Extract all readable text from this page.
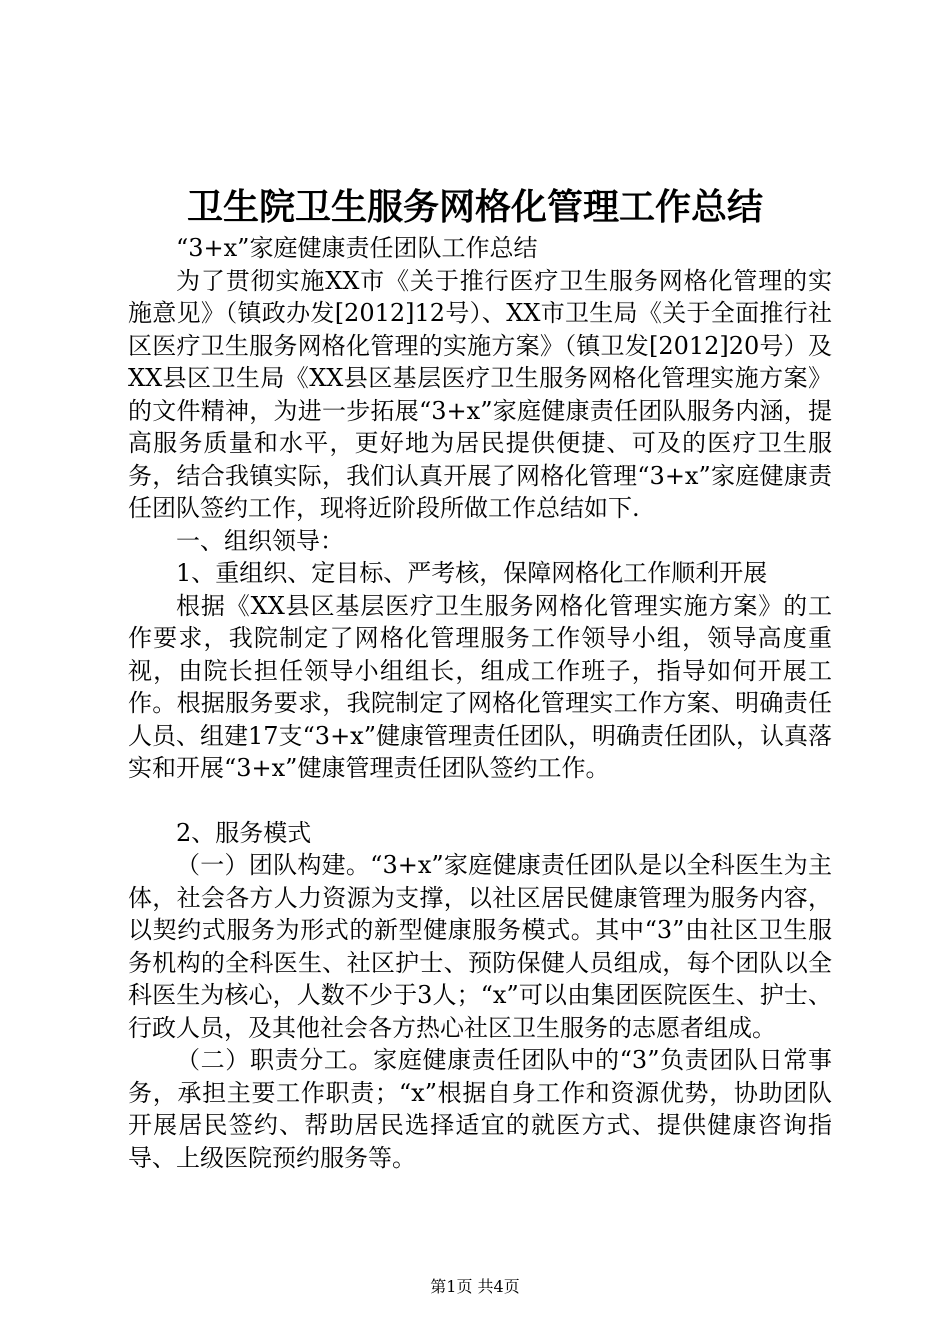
卫生院卫生服务网格化管理工作总结

“3+x”家庭健康责任团队工作总结

为了贯彻实施XX市《关于推行医疗卫生服务网格化管理的实施意见》（镇政办发[2012]12号）、XX市卫生局《关于全面推行社区医疗卫生服务网格化管理的实施方案》（镇卫发[2012]20号）及XX县区卫生局《XX县区基层医疗卫生服务网格化管理实施方案》的文件精神，为进一步拓展“3+x”家庭健康责任团队服务内涵，提高服务质量和水平，更好地为居民提供便捷、可及的医疗卫生服务，结合我镇实际，我们认真开展了网格化管理“3+x”家庭健康责任团队签约工作，现将近阶段所做工作总结如下.

一、组织领导：

1、重组织、定目标、严考核，保障网格化工作顺利开展

根据《XX县区基层医疗卫生服务网格化管理实施方案》的工作要求，我院制定了网格化管理服务工作领导小组，领导高度重视，由院长担任领导小组组长，组成工作班子，指导如何开展工作。根据服务要求，我院制定了网格化管理实工作方案、明确责任人员、组建17支“3+x”健康管理责任团队，明确责任团队，认真落实和开展“3+x”健康管理责任团队签约工作。

2、服务模式

（一）团队构建。“3+x”家庭健康责任团队是以全科医生为主体，社会各方人力资源为支撑，以社区居民健康管理为服务内容，以契约式服务为形式的新型健康服务模式。其中“3”由社区卫生服务机构的全科医生、社区护士、预防保健人员组成，每个团队以全科医生为核心，人数不少于3人；“x”可以由集团医院医生、护士、行政人员，及其他社会各方热心社区卫生服务的志愿者组成。

（二）职责分工。家庭健康责任团队中的“3”负责团队日常事务，承担主要工作职责；“x”根据自身工作和资源优势，协助团队开展居民签约、帮助居民选择适宜的就医方式、提供健康咨询指导、上级医院预约服务等。

第1页 共4页
